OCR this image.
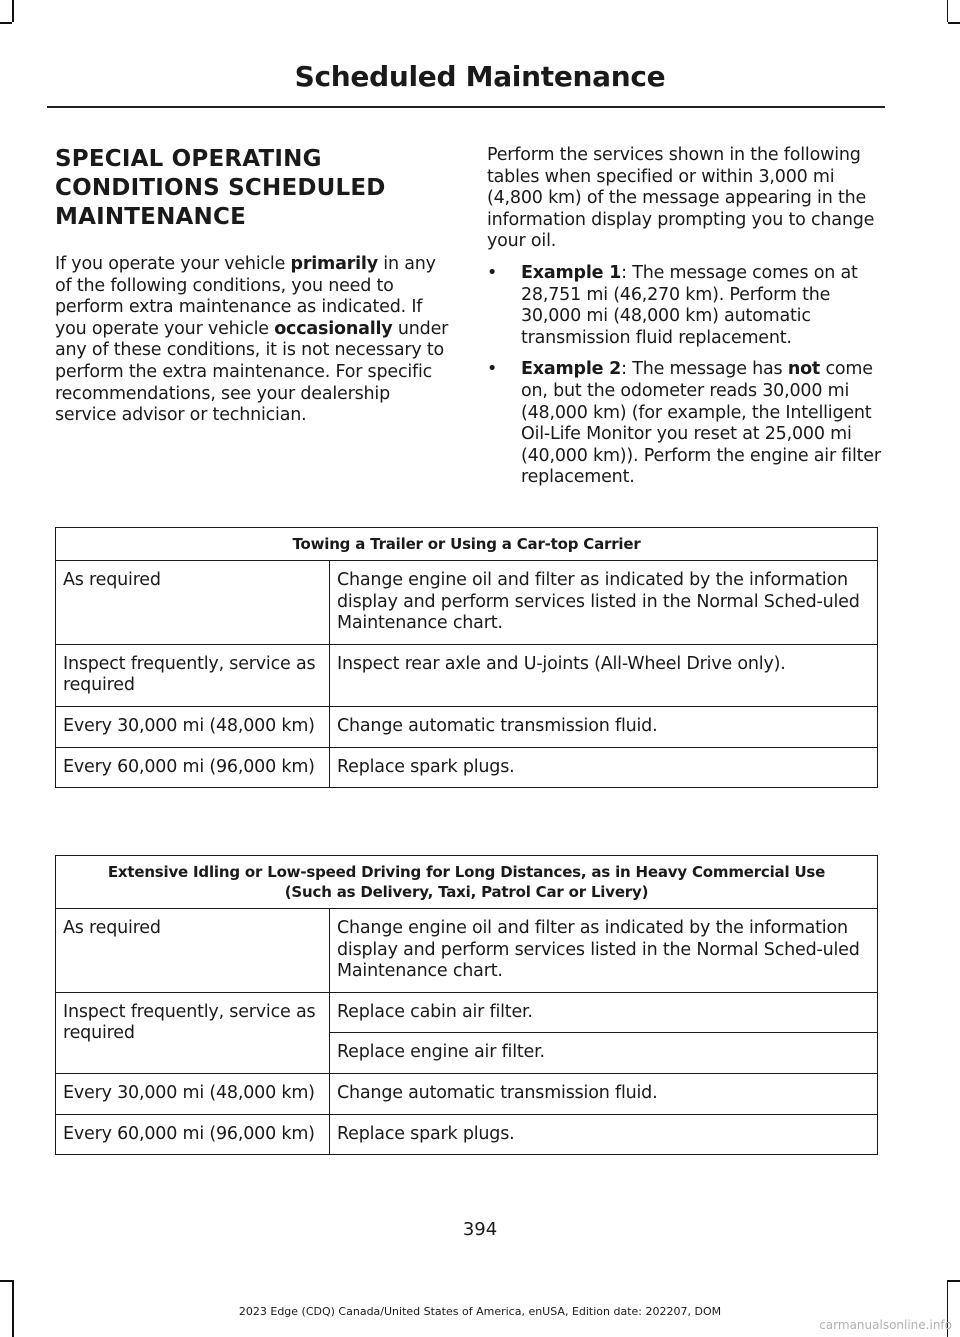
Scheduled Maintenance
SPECIAL OPERATING
CONDITIONS SCHEDULED
MAINTENANCE

If you operate your vehicle primarily in any of the following conditions, you need to perform extra maintenance as indicated. If you operate your vehicle occasionally under any of these conditions, it is not necessary to perform the extra maintenance. For specific recommendations, see your dealership service advisor or technician.

Perform the services shown in the following tables when specified or within 3,000 mi (4,800 km) of the message appearing in the information display prompting you to change your oil.

• Example 1: The message comes on at 28,751 mi (46,270 km). Perform the 30,000 mi (48,000 km) automatic transmission fluid replacement.
• Example 2: The message has not come on, but the odometer reads 30,000 mi (48,000 km) (for example, the Intelligent Oil-Life Monitor you reset at 25,000 mi (40,000 km)). Perform the engine air filter replacement.
Towing a Trailer or Using a Car-top Carrier	
As required	Change engine oil and filter as indicated by the information display and perform services listed in the Normal Sched-uled Maintenance chart.
Inspect frequently, service as required	Inspect rear axle and U-joints (All-Wheel Drive only).
Every 30,000 mi (48,000 km)	Change automatic transmission fluid.
Every 60,000 mi (96,000 km)	Replace spark plugs.
Extensive Idling or Low-speed Driving for Long Distances, as in Heavy Commercial Use
(Such as Delivery, Taxi, Patrol Car or Livery)	
As required	Change engine oil and filter as indicated by the information display and perform services listed in the Normal Sched-uled Maintenance chart.
Inspect frequently, service as required	Replace cabin air filter.
	Replace engine air filter.
Every 30,000 mi (48,000 km)	Change automatic transmission fluid.
Every 60,000 mi (96,000 km)	Replace spark plugs.
394
2023 Edge (CDQ) Canada/United States of America, enUSA, Edition date: 202207, DOM
carmanualsonline.info
